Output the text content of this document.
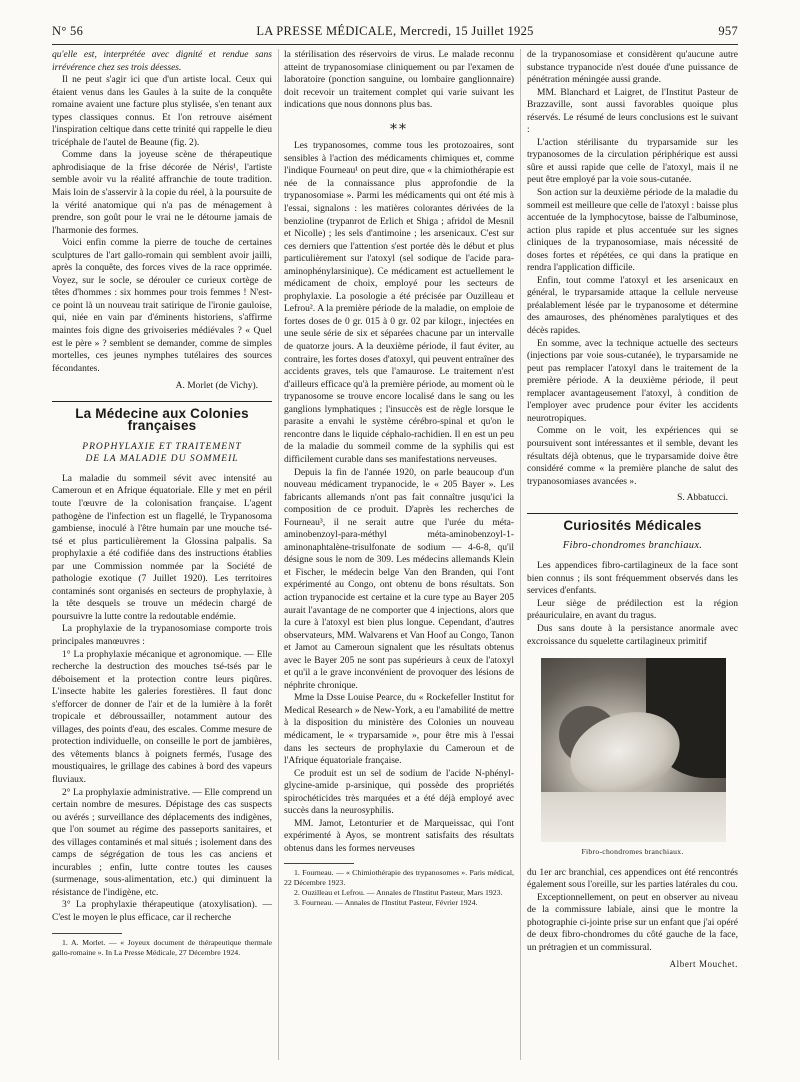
N° 56	LA PRESSE MÉDICALE, Mercredi, 15 Juillet 1925	957

qu'elle est, interprétée avec dignité et rendue sans irrévérence chez ses trois déesses.

Il ne peut s'agir ici que d'un artiste local. Ceux qui étaient venus dans les Gaules à la suite de la conquête romaine avaient une facture plus stylisée, s'en tenant aux types classiques connus. Et l'on retrouve aisément l'inspiration celtique dans cette trinité qui rappelle le dieu tricéphale de l'autel de Beaune (fig. 2).

Comme dans la joyeuse scène de thérapeutique aphrodisiaque de la frise décorée de Néris¹, l'artiste semble avoir vu la réalité affranchie de toute tradition. Mais loin de s'asservir à la copie du réel, à la poursuite de la vérité anatomique qui n'a pas de ménagement à prendre, son goût pour le vrai ne le détourne jamais de l'harmonie des formes.

Voici enfin comme la pierre de touche de certaines sculptures de l'art gallo-romain qui semblent avoir jailli, après la conquête, des forces vives de la race opprimée. Voyez, sur le socle, se dérouler ce curieux cortège de têtes d'hommes : six hommes pour trois femmes ! N'est-ce point là un nouveau trait satirique de l'ironie gauloise, qui, niée en vain par d'éminents historiens, s'affirme maintes fois digne des grivoiseries médiévales ? « Quel est le père » ? semblent se demander, comme de simples mortelles, ces jeunes nymphes tutélaires des sources fécondantes.

A. Morlet (de Vichy).

La Médecine aux Colonies françaises
PROPHYLAXIE ET TRAITEMENT
DE LA MALADIE DU SOMMEIL

La maladie du sommeil sévit avec intensité au Cameroun et en Afrique équatoriale. Elle y met en péril toute l'œuvre de la colonisation française. L'agent pathogène de l'infection est un flagellé, le Trypanosoma gambiense, inoculé à l'être humain par une mouche tsé-tsé et plus particulièrement la Glossina palpalis. Sa prophylaxie a été codifiée dans des instructions établies par une Commission nommée par la Société de pathologie exotique (7 Juillet 1920). Les territoires contaminés sont organisés en secteurs de prophylaxie, à la tête desquels se trouve un médecin chargé de poursuivre la lutte contre la redoutable endémie.

La prophylaxie de la trypanosomiase comporte trois principales manœuvres :

1° La prophylaxie mécanique et agronomique. — Elle recherche la destruction des mouches tsé-tsés par le déboisement et la protection contre leurs piqûres. L'insecte habite les galeries forestières. Il faut donc s'efforcer de donner de l'air et de la lumière à la forêt tropicale et débroussailler, notamment autour des villages, des points d'eau, des escales. Comme mesure de protection individuelle, on conseille le port de jambières, des vêtements blancs à poignets fermés, l'usage des moustiquaires, le grillage des cabines à bord des vapeurs fluviaux.

2° La prophylaxie administrative. — Elle comprend un certain nombre de mesures. Dépistage des cas suspects ou avérés ; surveillance des déplacements des indigènes, que l'on soumet au régime des passeports sanitaires, et des villages contaminés et mal situés ; isolement dans des camps de ségrégation de tous les cas anciens et incurables ; enfin, lutte contre toutes les causes (surmenage, sous-alimentation, etc.) qui diminuent la résistance de l'indigène, etc.

3° La prophylaxie thérapeutique (atoxylisation). — C'est le moyen le plus efficace, car il recherche

1. A. Morlet. — « Joyeux document de thérapeutique thermale gallo-romaine ». In La Presse Médicale, 27 Décembre 1924.

la stérilisation des réservoirs de virus. Le malade reconnu atteint de trypanosomiase cliniquement ou par l'examen de laboratoire (ponction sanguine, ou lombaire ganglionnaire) doit recevoir un traitement complet qui varie suivant les indications que nous donnons plus bas.

⁎⁎

Les trypanosomes, comme tous les protozoaires, sont sensibles à l'action des médicaments chimiques et, comme l'indique Fourneau¹ on peut dire, que « la chimiothérapie est née de la connaissance plus approfondie de la trypanosomiase ». Parmi les médicaments qui ont été mis à l'essai, signalons : les matières colorantes dérivées de la benzioline (trypanrot de Erlich et Shiga ; afridol de Mesnil et Nicolle) ; les sels d'antimoine ; les arsenicaux. C'est sur ces derniers que l'attention s'est portée dès le début et plus particulièrement sur l'atoxyl (sel sodique de l'acide para-aminophénylarsinique). Ce médicament est actuellement le médicament de choix, employé pour les secteurs de prophylaxie. La posologie a été précisée par Ouzilleau et Lefrou². A la première période de la maladie, on emploie de fortes doses de 0 gr. 015 à 0 gr. 02 par kilogr., injectées en une seule série de six et séparées chacune par un intervalle de quatorze jours. A la deuxième période, il faut éviter, au contraire, les fortes doses d'atoxyl, qui peuvent entraîner des accidents graves, tels que l'amaurose. Le traitement n'est d'ailleurs efficace qu'à la première période, au moment où le trypanosome se trouve encore localisé dans le sang ou les ganglions lymphatiques ; l'insuccès est de règle lorsque le parasite a envahi le système cérébro-spinal et qu'on le rencontre dans le liquide céphalo-rachidien. Il en est un peu de la maladie du sommeil comme de la syphilis qui est difficilement curable dans ses manifestations nerveuses.

Depuis la fin de l'année 1920, on parle beaucoup d'un nouveau médicament trypanocide, le « 205 Bayer ». Les fabricants allemands n'ont pas fait connaître jusqu'ici la composition de ce produit. D'après les recherches de Fourneau³, il ne serait autre que l'urée du méta-aminobenzoyl-para-méthyl méta-aminobenzoyl-1-aminonaphtalène-trisulfonate de sodium — 4-6-8, qu'il désigne sous le nom de 309. Les médecins allemands Klein et Fischer, le médecin belge Van den Branden, qui l'ont expérimenté au Congo, ont obtenu de bons résultats. Son action trypanocide est certaine et la cure type au Bayer 205 aurait l'avantage de ne comporter que 4 injections, alors que la cure à l'atoxyl est bien plus longue. Cependant, d'autres observateurs, MM. Walvarens et Van Hoof au Congo, Tanon et Jamot au Cameroun signalent que les résultats obtenus avec le Bayer 205 ne sont pas supérieurs à ceux de l'atoxyl et qu'il a le grave inconvénient de provoquer des lésions de néphrite chronique.

Mme la Dsse Louise Pearce, du « Rockefeller Institut for Medical Research » de New-York, a eu l'amabilité de mettre à la disposition du ministère des Colonies un nouveau médicament, le « tryparsamide », pour être mis à l'essai dans les secteurs de prophylaxie du Cameroun et de l'Afrique équatoriale française.

Ce produit est un sel de sodium de l'acide N-phényl-glycine-amide p-arsinique, qui possède des propriétés spirochéticides très marquées et a été déjà employé avec succès dans la neurosyphilis.

MM. Jamot, Letonturier et de Marqueissac, qui l'ont expérimenté à Ayos, se montrent satisfaits des résultats obtenus dans les formes nerveuses

1. Fourneau. — « Chimiothérapie des trypanosomes ». Paris médical, 22 Décembre 1923.

2. Ouzilleau et Lefrou. — Annales de l'Institut Pasteur, Mars 1923.

3. Fourneau. — Annales de l'Institut Pasteur, Février 1924.

de la trypanosomiase et considèrent qu'aucune autre substance trypanocide n'est douée d'une puissance de pénétration méningée aussi grande.

MM. Blanchard et Laigret, de l'Institut Pasteur de Brazzaville, sont aussi favorables quoique plus réservés. Le résumé de leurs conclusions est le suivant :

L'action stérilisante du tryparsamide sur les trypanosomes de la circulation périphérique est aussi sûre et aussi rapide que celle de l'atoxyl, mais il ne peut être employé par la voie sous-cutanée.

Son action sur la deuxième période de la maladie du sommeil est meilleure que celle de l'atoxyl : baisse plus accentuée de la lymphocytose, baisse de l'albuminose, action plus rapide et plus accentuée sur les signes cliniques de la trypanosomiase, mais nécessité de doses fortes et répétées, ce qui dans la pratique en rendra l'application difficile.

Enfin, tout comme l'atoxyl et les arsenicaux en général, le tryparsamide attaque la cellule nerveuse préalablement lésée par le trypanosome et détermine des amauroses, des phénomènes paralytiques et des décès rapides.

En somme, avec la technique actuelle des secteurs (injections par voie sous-cutanée), le tryparsamide ne peut pas remplacer l'atoxyl dans le traitement de la première période. A la deuxième période, il peut remplacer avantageusement l'atoxyl, à condition de l'employer avec prudence pour éviter les accidents neurotropiques.

Comme on le voit, les expériences qui se poursuivent sont intéressantes et il semble, devant les résultats déjà obtenus, que le tryparsamide doive être considéré comme « la première planche de salut des trypanosomiases avancées ».

S. Abbatucci.

Curiosités Médicales
Fibro-chondromes branchiaux.

Les appendices fibro-cartilagineux de la face sont bien connus ; ils sont fréquemment observés dans les services d'enfants.

Leur siège de prédilection est la région préauriculaire, en avant du tragus.

Dus sans doute à la persistance anormale avec excroissance du squelette cartilagineux primitif

Fibro-chondromes branchiaux.

du 1er arc branchial, ces appendices ont été rencontrés également sous l'oreille, sur les parties latérales du cou.

Exceptionnellement, on peut en observer au niveau de la commissure labiale, ainsi que le montre la photographie ci-jointe prise sur un enfant que j'ai opéré de deux fibro-chondromes du côté gauche de la face, un prétragien et un commissural.

Albert Mouchet.
